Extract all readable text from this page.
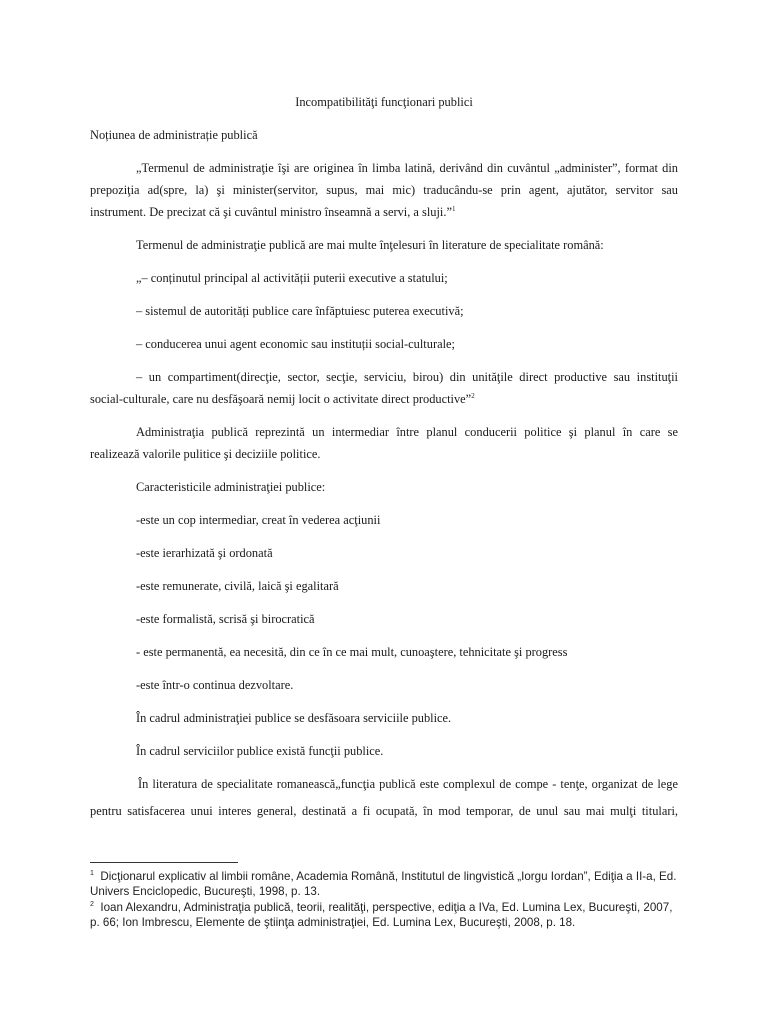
Incompatibilităţi funcţionari publici
Noțiunea de administrație publică
„Termenul de administraţie îşi are originea în limba latină, derivând din cuvântul „administer”, format din
prepoziţia ad(spre, la) şi minister(servitor, supus, mai mic) traducându-se prin agent, ajutător, servitor sau
instrument. De precizat că şi cuvântul ministro înseamnă a servi, a sluji.”$^1$
Termenul de administraţie publică are mai multe înţelesuri în literature de specialitate română:
„– conținutul principal al activității puterii executive a statului;
– sistemul de autorități publice care înfăptuiesc puterea executivă;
– conducerea unui agent economic sau instituții social-culturale;
– un compartiment(direcţie, sector, secţie, serviciu, birou) din unităţile direct productive sau instituţii
social-culturale, care nu desfăşoară nemij locit o activitate direct productive”$^2$
Administraţia publică reprezintă un intermediar între planul conducerii politice şi planul în care se
realizează valorile pulitice şi deciziile politice.
Caracteristicile administraţiei publice:
-este un cop intermediar, creat în vederea acţiunii
-este ierarhizată şi ordonată
-este remunerate, civilă, laică şi egalitară
-este formalistă, scrisă şi birocratică
- este permanentă, ea necesită, din ce în ce mai mult, cunoaştere, tehnicitate şi progress
-este într-o continua dezvoltare.
În cadrul administraţiei publice se desfăsoara serviciile publice.
În cadrul serviciilor publice există funcţii publice.
În literatura de specialitate romanească„funcţia publică este complexul de compe - tenţe, organizat de lege
pentru satisfacerea unui interes general, destinată a fi ocupată, în mod temporar, de unul sau mai mulţi titulari,
$^1$ Dicţionarul explicativ al limbii române, Academia Română, Institutul de lingvistică „Iorgu Iordan”, Ediţia a II-a, Ed.
Univers Enciclopedic, Bucureşti, 1998, p. 13.
$^2$ Ioan Alexandru, Administraţia publică, teorii, realităţi, perspective, ediţia a IVa, Ed. Lumina Lex, Bucureşti, 2007,
p. 66; Ion Imbrescu, Elemente de ştiinţa administraţiei, Ed. Lumina Lex, Bucureşti, 2008, p. 18.
